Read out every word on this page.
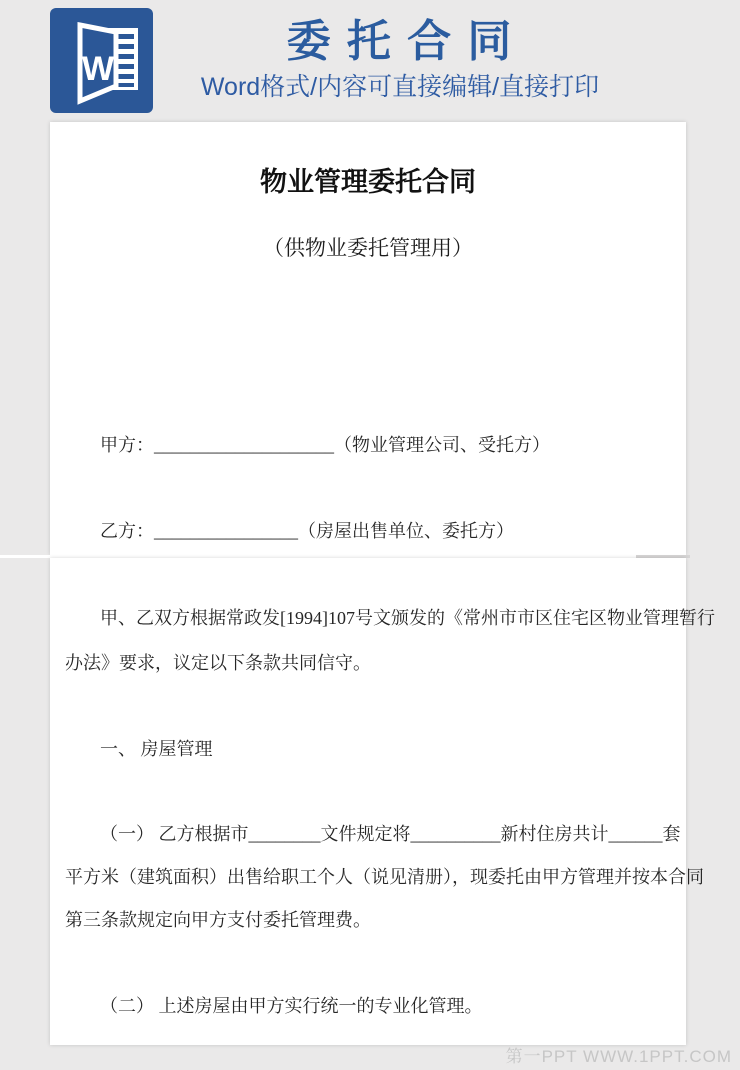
W
委 托 合 同
Word格式/内容可直接编辑/直接打印
物业管理委托合同
（供物业委托管理用）
甲方：____________________（物业管理公司、受托方）
乙方：________________（房屋出售单位、委托方）
甲、乙双方根据常政发[1994]107号文颁发的《常州市市区住宅区物业管理暂行
办法》要求，议定以下条款共同信守。
一、 房屋管理
（一） 乙方根据市________文件规定将__________新村住房共计______套
平方米（建筑面积）出售给职工个人（说见清册），现委托由甲方管理并按本合同
第三条款规定向甲方支付委托管理费。
（二） 上述房屋由甲方实行统一的专业化管理。
第一PPT WWW.1PPT.COM
